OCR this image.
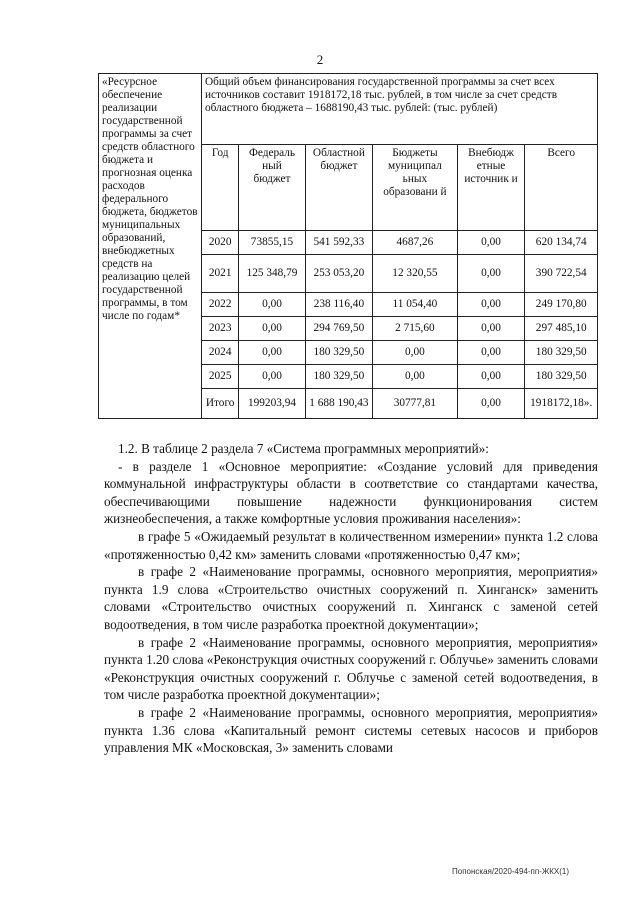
2
«Ресурсное обеспечение реализации государственной программы за счет средств областного бюджета и прогнозная оценка расходов федерального бюджета, бюджетов муниципальных образований, внебюджетных средств на реализацию целей государственной программы, в том числе по годам*	Общий объем финансирования государственной программы за счет всех источников составит 1918172,18 тыс. рублей, в том числе за счет средств областного бюджета – 1688190,43 тыс. рублей: (тыс. рублей)					
	Год	Федераль ный бюджет	Областной бюджет	Бюджеты муниципал ьных образовани й	Внебюдж етные источник и	Всего
	2020	73855,15	541 592,33	4687,26	0,00	620 134,74
	2021	125 348,79	253 053,20	12 320,55	0,00	390 722,54
	2022	0,00	238 116,40	11 054,40	0,00	249 170,80
	2023	0,00	294 769,50	2 715,60	0,00	297 485,10
	2024	0,00	180 329,50	0,00	0,00	180 329,50
	2025	0,00	180 329,50	0,00	0,00	180 329,50
	Итого	199203,94	1 688 190,43	30777,81	0,00	1918172,18».

1.2. В таблице 2 раздела 7 «Система программных мероприятий»:

- в разделе 1 «Основное мероприятие: «Создание условий для приведения коммунальной инфраструктуры области в соответствие со стандартами качества, обеспечивающими повышение надежности функционирования систем жизнеобеспечения, а также комфортные условия проживания населения»:

в графе 5 «Ожидаемый результат в количественном измерении» пункта 1.2 слова «протяженностью 0,42 км» заменить словами «протяженностью 0,47 км»;

в графе 2 «Наименование программы, основного мероприятия, мероприятия» пункта 1.9 слова «Строительство очистных сооружений п. Хинганск» заменить словами «Строительство очистных сооружений п. Хинганск с заменой сетей водоотведения, в том числе разработка проектной документации»;

в графе 2 «Наименование программы, основного мероприятия, мероприятия» пункта 1.20 слова «Реконструкция очистных сооружений г. Облучье» заменить словами «Реконструкция очистных сооружений г. Облучье с заменой сетей водоотведения, в том числе разработка проектной документации»;

в графе 2 «Наименование программы, основного мероприятия, мероприятия» пункта 1.36 слова «Капитальный ремонт системы сетевых насосов и приборов управления МК «Московская, 3» заменить словами

Попонская/2020-494-пп-ЖКХ(1)
